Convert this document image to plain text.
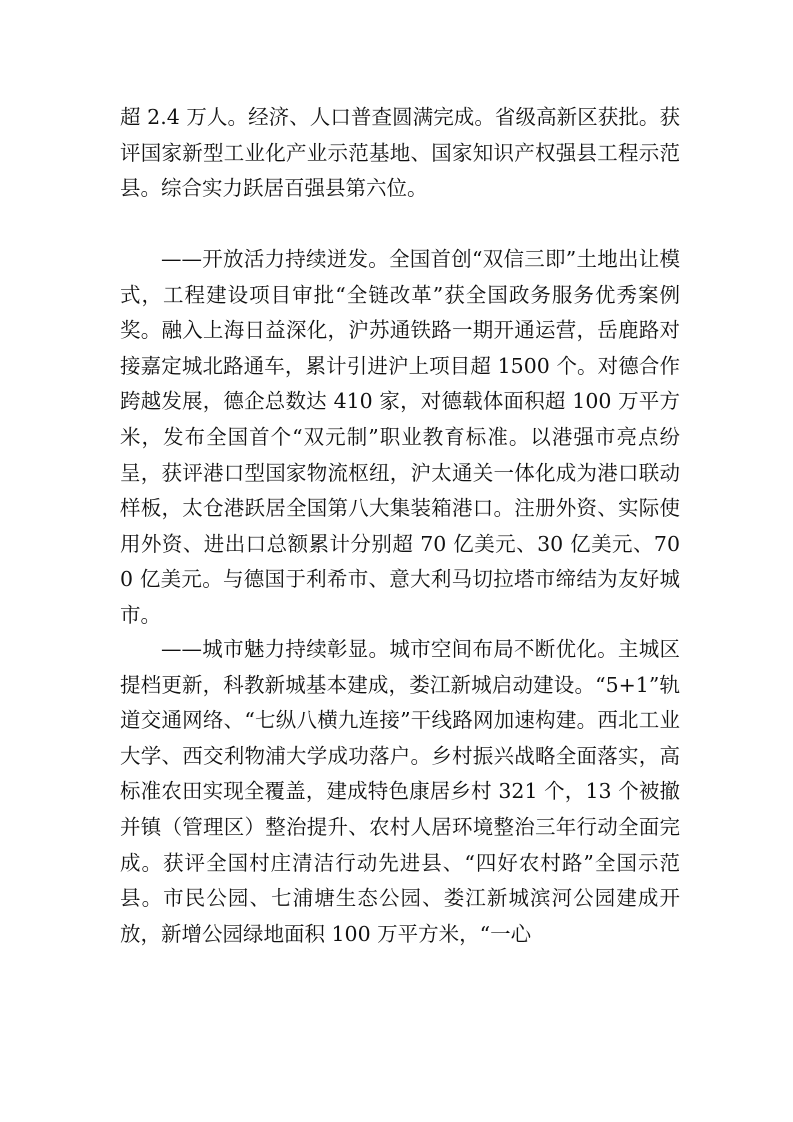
超 2.4 万人。经济、人口普查圆满完成。省级高新区获批。获评国家新型工业化产业示范基地、国家知识产权强县工程示范县。综合实力跃居百强县第六位。

——开放活力持续迸发。全国首创“双信三即”土地出让模式，工程建设项目审批“全链改革”获全国政务服务优秀案例奖。融入上海日益深化，沪苏通铁路一期开通运营，岳鹿路对接嘉定城北路通车，累计引进沪上项目超 1500 个。对德合作跨越发展，德企总数达 410 家，对德载体面积超 100 万平方米，发布全国首个“双元制”职业教育标准。以港强市亮点纷呈，获评港口型国家物流枢纽，沪太通关一体化成为港口联动样板，太仓港跃居全国第八大集装箱港口。注册外资、实际使用外资、进出口总额累计分别超 70 亿美元、30 亿美元、700 亿美元。与德国于利希市、意大利马切拉塔市缔结为友好城市。

——城市魅力持续彰显。城市空间布局不断优化。主城区提档更新，科教新城基本建成，娄江新城启动建设。“5+1”轨道交通网络、“七纵八横九连接”干线路网加速构建。西北工业大学、西交利物浦大学成功落户。乡村振兴战略全面落实，高标准农田实现全覆盖，建成特色康居乡村 321 个，13 个被撤并镇（管理区）整治提升、农村人居环境整治三年行动全面完成。获评全国村庄清洁行动先进县、“四好农村路”全国示范县。市民公园、七浦塘生态公园、娄江新城滨河公园建成开放，新增公园绿地面积 100 万平方米，“一心
